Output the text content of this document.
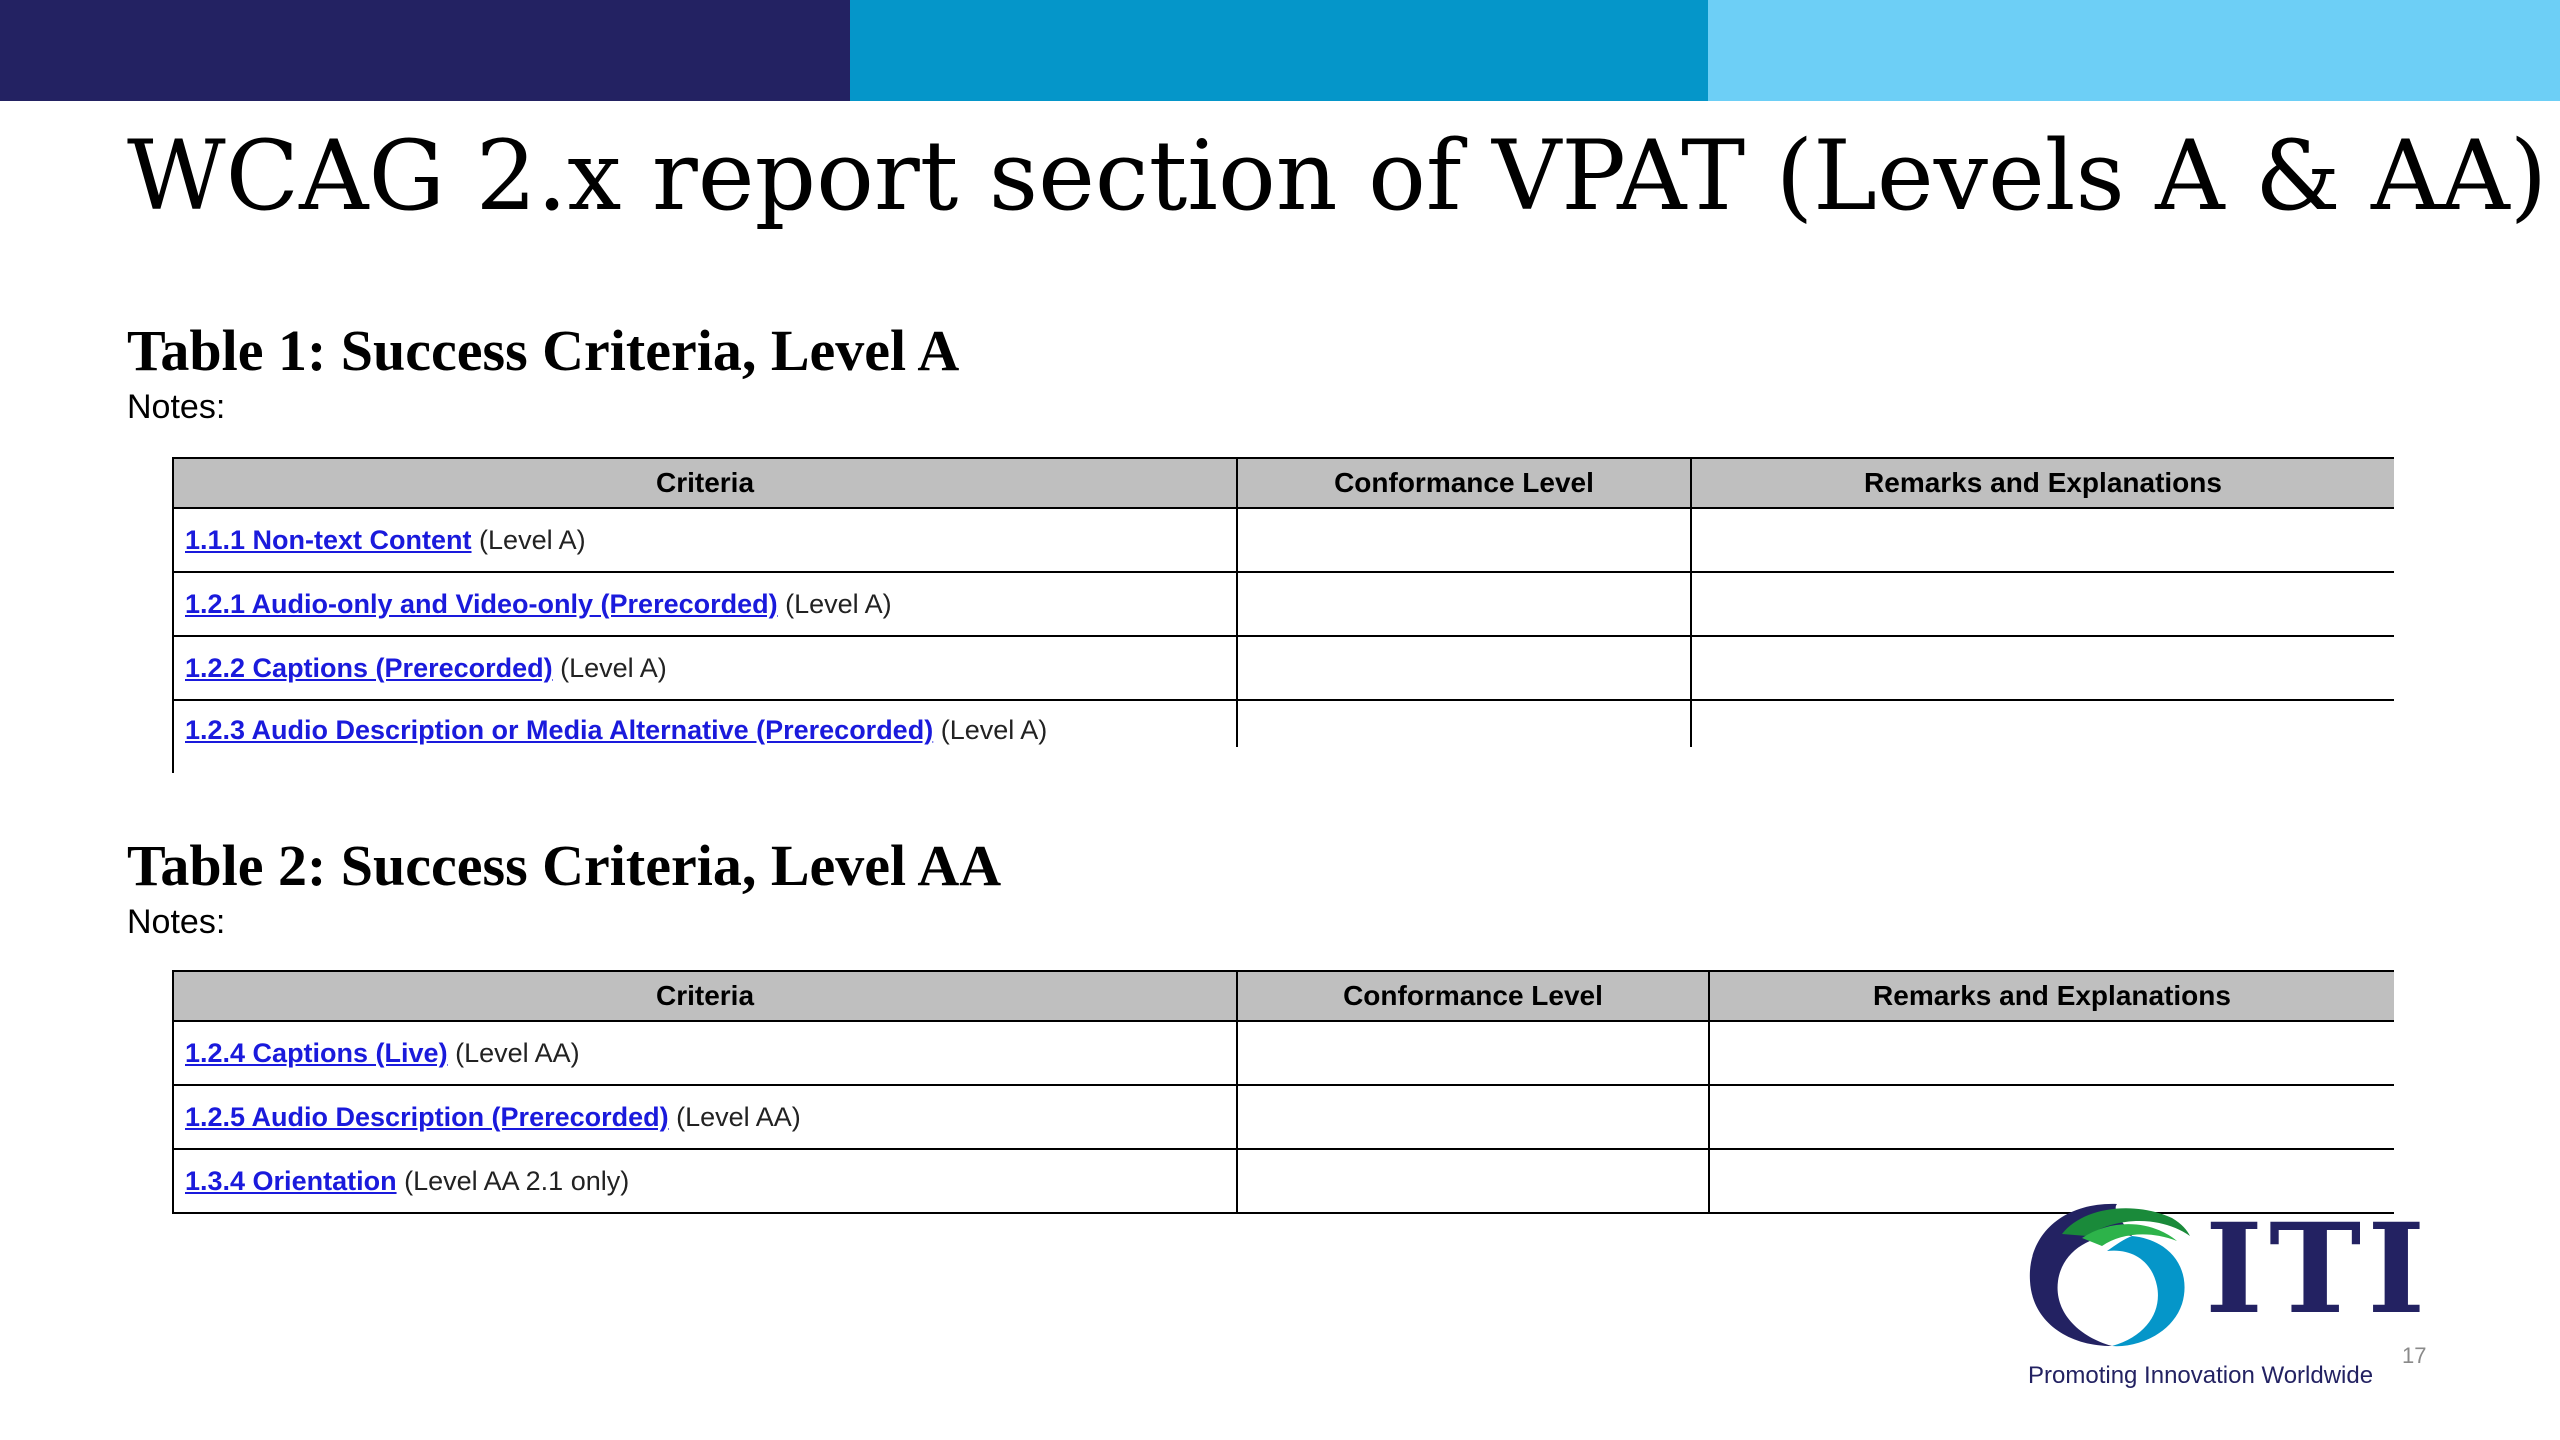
WCAG 2.x report section of VPAT (Levels A & AA)
Table 1: Success Criteria, Level A
Notes:
Criteria	Conformance Level	Remarks and Explanations
1.1.1 Non-text Content (Level A)		
1.2.1 Audio-only and Video-only (Prerecorded) (Level A)		
1.2.2 Captions (Prerecorded) (Level A)		
1.2.3 Audio Description or Media Alternative (Prerecorded) (Level A)		
Table 2: Success Criteria, Level AA
Notes:
Criteria	Conformance Level	Remarks and Explanations
1.2.4 Captions (Live) (Level AA)		
1.2.5 Audio Description (Prerecorded) (Level AA)		
1.3.4 Orientation (Level AA 2.1 only)		
ITI
Promoting Innovation Worldwide
17
